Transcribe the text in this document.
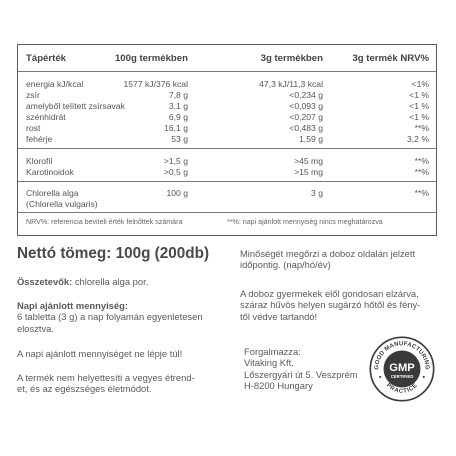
Tápérték	100g termékben	3g termékben	3g termék NRV%
energia kJ/kcal	1577 kJ/376 kcal	47,3 kJ/11,3 kcal	<1%
zsír	7,8 g	<0,234 g	<1 %
amelyből telített zsírsavak	3,1 g	<0,093 g	<1 %
szénhidrát	6,9 g	<0,207 g	<1 %
rost	16,1 g	<0,483 g	**%
fehérje	53 g	1,59 g	3,2 %
Klorofil	>1,5 g	>45 mg	**%
Karotinoidok	>0,5 g	>15 mg	**%
Chlorella alga	100 g	3 g	**%
(Chlorella vulgaris)
NRV%: referencia beviteli érték felnőttek számára	**%: napi ajánlott mennyiség nincs meghatározva
Nettó tömeg: 100g (200db)
Összetevők: chlorella alga por.
Napi ajánlott mennyiség:
6 tabletta (3 g) a nap folyamán egyenletesen
elosztva.
A napi ajánlott mennyiséget ne lépje túl!
A termék nem helyettesíti a vegyes étrend-
et, és az egészséges életmódot.
Minőségét megőrzi a doboz oldalán jelzett
időpontig. (nap/hó/év)
A doboz gyermekek elől gondosan elzárva,
száraz hűvös helyen sugárzó hőtől és fény-
től védve tartandó!
Forgalmazza:
Vitaking Kft.
Lőszergyári út 5. Veszprém
H-8200 Hungary
GOOD MANUFACTURING
PRACTICE
GMP
CERTIFIED
